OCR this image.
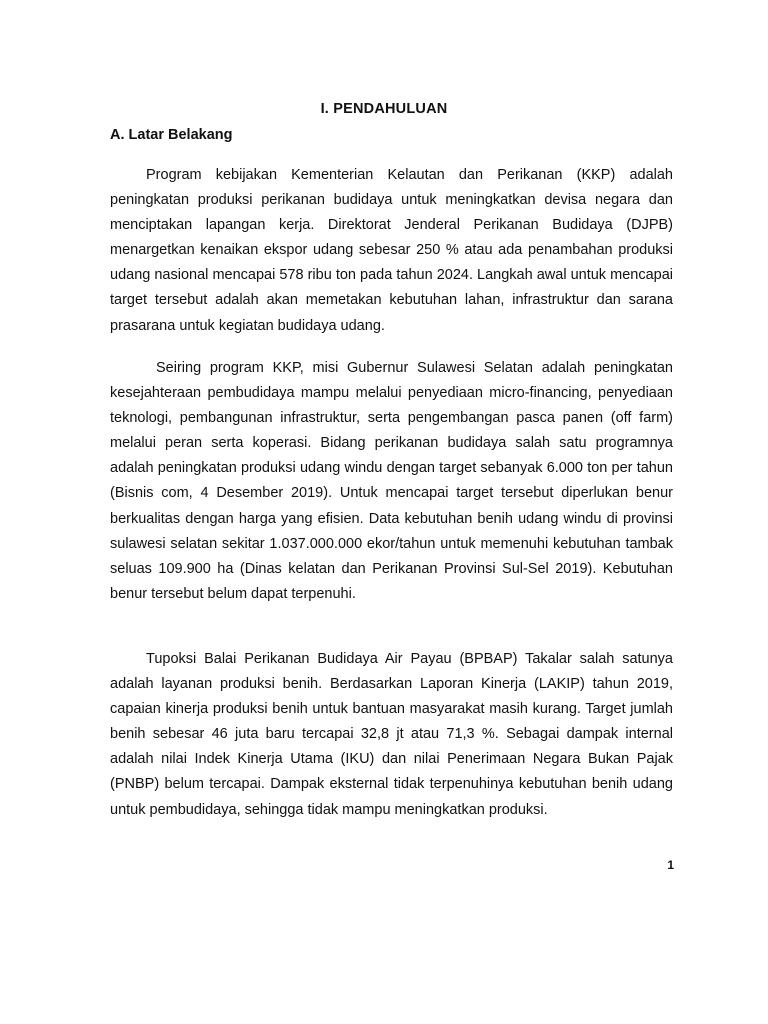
I. PENDAHULUAN
A. Latar Belakang

Program kebijakan Kementerian Kelautan dan Perikanan (KKP) adalah peningkatan produksi perikanan budidaya untuk meningkatkan devisa negara dan menciptakan lapangan kerja. Direktorat Jenderal Perikanan Budidaya (DJPB) menargetkan kenaikan ekspor udang sebesar 250 % atau ada penambahan produksi udang nasional mencapai 578 ribu ton pada tahun 2024. Langkah awal untuk mencapai target tersebut adalah akan memetakan kebutuhan lahan, infrastruktur dan sarana prasarana untuk kegiatan budidaya udang.

Seiring program KKP, misi Gubernur Sulawesi Selatan adalah peningkatan kesejahteraan pembudidaya mampu melalui penyediaan micro-financing, penyediaan teknologi, pembangunan infrastruktur, serta pengembangan pasca panen (off farm) melalui peran serta koperasi. Bidang perikanan budidaya salah satu programnya adalah peningkatan produksi udang windu dengan target sebanyak 6.000 ton per tahun (Bisnis com, 4 Desember 2019). Untuk mencapai target tersebut diperlukan benur berkualitas dengan harga yang efisien. Data kebutuhan benih udang windu di provinsi sulawesi selatan sekitar 1.037.000.000 ekor/tahun untuk memenuhi kebutuhan tambak seluas 109.900 ha (Dinas kelatan dan Perikanan Provinsi Sul-Sel 2019). Kebutuhan benur tersebut belum dapat terpenuhi.

Tupoksi Balai Perikanan Budidaya Air Payau (BPBAP) Takalar salah satunya adalah layanan produksi benih. Berdasarkan Laporan Kinerja (LAKIP) tahun 2019, capaian kinerja produksi benih untuk bantuan masyarakat masih kurang. Target jumlah benih sebesar 46 juta baru tercapai 32,8 jt atau 71,3 %. Sebagai dampak internal adalah nilai Indek Kinerja Utama (IKU) dan nilai Penerimaan Negara Bukan Pajak (PNBP) belum tercapai. Dampak eksternal tidak terpenuhinya kebutuhan benih udang untuk pembudidaya, sehingga tidak mampu meningkatkan produksi.

1
